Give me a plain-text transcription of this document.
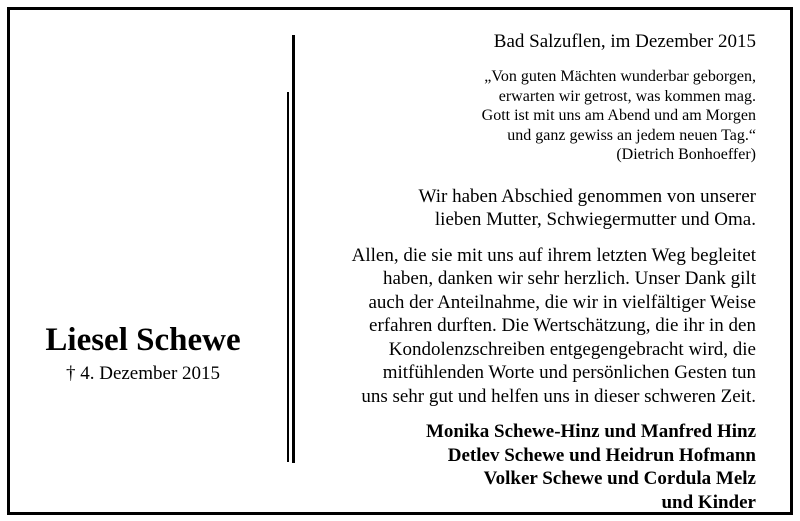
Liesel Schewe
† 4. Dezember 2015
Bad Salzuflen, im Dezember 2015
„Von guten Mächten wunderbar geborgen,
erwarten wir getrost, was kommen mag.
Gott ist mit uns am Abend und am Morgen
und ganz gewiss an jedem neuen Tag.“
(Dietrich Bonhoeffer)
Wir haben Abschied genommen von unserer
lieben Mutter, Schwiegermutter und Oma.
Allen, die sie mit uns auf ihrem letzten Weg begleitet
haben, danken wir sehr herzlich. Unser Dank gilt
auch der Anteilnahme, die wir in vielfältiger Weise
erfahren durften. Die Wertschätzung, die ihr in den
Kondolenzschreiben entgegengebracht wird, die
mitfühlenden Worte und persönlichen Gesten tun
uns sehr gut und helfen uns in dieser schweren Zeit.
Monika Schewe-Hinz und Manfred Hinz
Detlev Schewe und Heidrun Hofmann
Volker Schewe und Cordula Melz
und Kinder
